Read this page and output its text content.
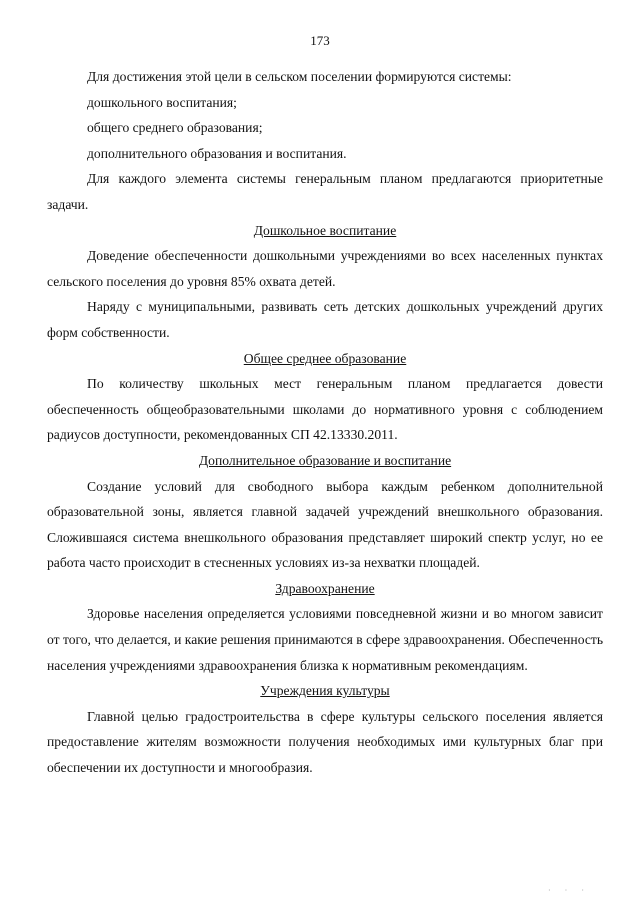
173

Для достижения этой цели в сельском поселении формируются системы:

дошкольного воспитания;

общего среднего образования;

дополнительного образования и воспитания.

Для каждого элемента системы генеральным планом предлагаются приоритетные задачи.

Дошкольное воспитание

Доведение обеспеченности дошкольными учреждениями во всех населенных пунктах сельского поселения до уровня 85% охвата детей.

Наряду с муниципальными, развивать сеть детских дошкольных учреждений других форм собственности.

Общее среднее образование

По количеству школьных мест генеральным планом предлагается довести обеспеченность общеобразовательными школами до нормативного уровня с соблюдением радиусов доступности, рекомендованных СП 42.13330.2011.

Дополнительное образование и воспитание

Создание условий для свободного выбора каждым ребенком дополнительной образовательной зоны, является главной задачей учреждений внешкольного образования. Сложившаяся система внешкольного образования представляет широкий спектр услуг, но ее работа часто происходит в стесненных условиях из-за нехватки площадей.

Здравоохранение

Здоровье населения определяется условиями повседневной жизни и во многом зависит от того, что делается, и какие решения принимаются в сфере здравоохранения. Обеспеченность населения учреждениями здравоохранения близка к нормативным рекомендациям.

Учреждения культуры

Главной целью градостроительства в сфере культуры сельского поселения является предоставление жителям возможности получения необходимых ими культурных благ при обеспечении их доступности и многообразия.

· · ·
